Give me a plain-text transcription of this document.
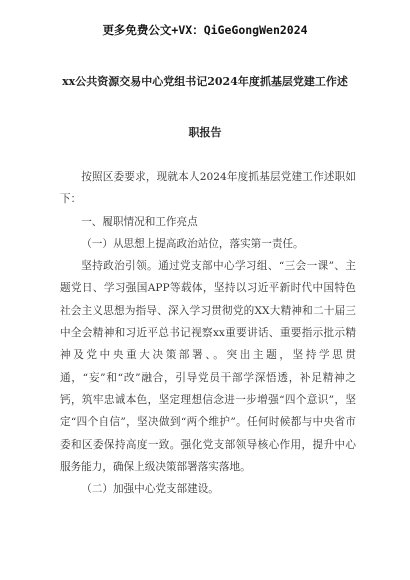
更多免费公文+VX：QiGeGongWen2024
xx公共资源交易中心党组书记2024年度抓基层党建工作述
职报告

按照区委要求，现就本人2024年度抓基层党建工作述职如下：

一、履职情况和工作亮点

（一）从思想上提高政治站位，落实第一责任。

坚持政治引领。通过党支部中心学习组、“三会一课”、主题党日、学习强国APP等载体，坚持以习近平新时代中国特色社会主义思想为指导、深入学习贯彻党的XX大精神和二十届三中全会精神和习近平总书记视察xx重要讲话、重要指示批示精神及党中央重大决策部署、。突出主题，坚持学思贯通，“妄”和“改”融合，引导党员干部学深悟透，补足精神之钙，筑牢忠诚本色，坚定理想信念进一步增强“四个意识”，坚定“四个自信”，坚决做到“两个维护”。任何时候都与中央省市委和区委保持高度一致。强化党支部领导核心作用，提升中心服务能力，确保上级决策部署落实落地。

（二）加强中心党支部建设。
